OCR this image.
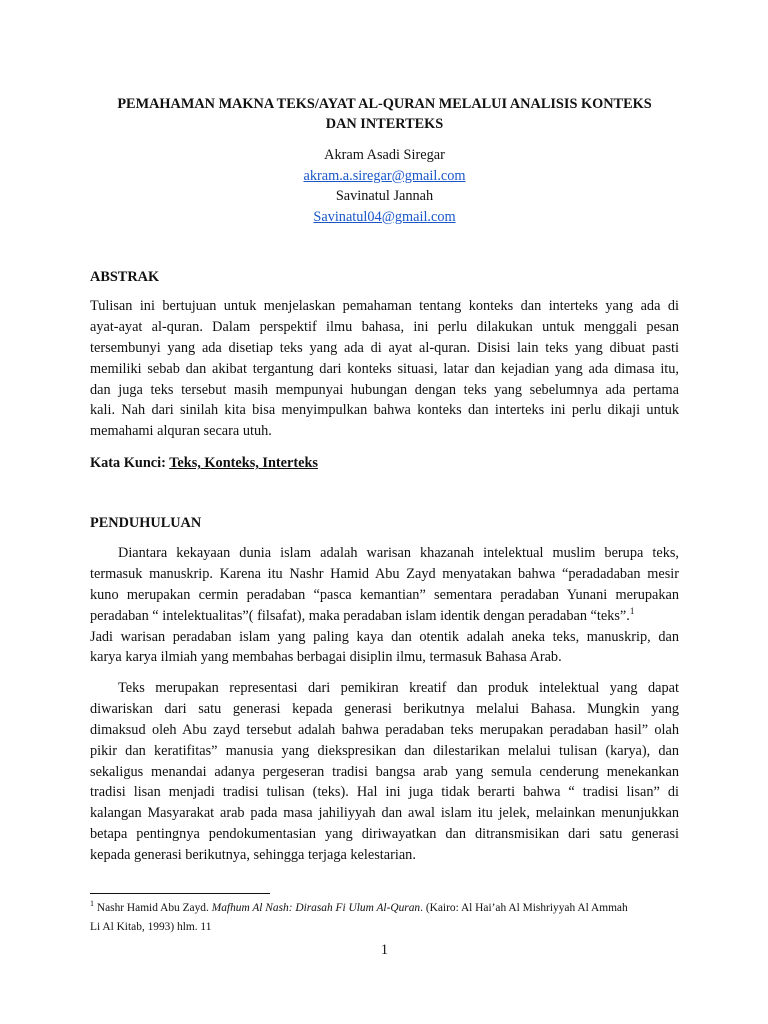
PEMAHAMAN MAKNA TEKS/AYAT AL-QURAN MELALUI ANALISIS KONTEKS
DAN INTERTEKS
Akram Asadi Siregar
akram.a.siregar@gmail.com
Savinatul Jannah
Savinatul04@gmail.com
ABSTRAK
Tulisan ini bertujuan untuk menjelaskan pemahaman tentang konteks dan interteks yang ada di
ayat-ayat al-quran. Dalam perspektif ilmu bahasa, ini perlu dilakukan untuk menggali pesan
tersembunyi yang ada disetiap teks yang ada di ayat al-quran. Disisi lain teks yang dibuat pasti
memiliki sebab dan akibat tergantung dari konteks situasi, latar dan kejadian yang ada dimasa itu,
dan juga teks tersebut masih mempunyai hubungan dengan teks yang sebelumnya ada pertama
kali. Nah dari sinilah kita bisa menyimpulkan bahwa konteks dan interteks ini perlu dikaji untuk
memahami alquran secara utuh.
Kata Kunci: Teks, Konteks, Interteks
PENDUHULUAN
Diantara kekayaan dunia islam adalah warisan khazanah intelektual muslim berupa teks,
termasuk manuskrip. Karena itu Nashr Hamid Abu Zayd menyatakan bahwa “peradadaban mesir
kuno merupakan cermin peradaban “pasca kemantian” sementara peradaban Yunani merupakan
peradaban “ intelektualitas”( filsafat), maka peradaban islam identik dengan peradaban “teks”.$^1$
Jadi warisan peradaban islam yang paling kaya dan otentik adalah aneka teks, manuskrip, dan
karya karya ilmiah yang membahas berbagai disiplin ilmu, termasuk Bahasa Arab.
Teks merupakan representasi dari pemikiran kreatif dan produk intelektual yang dapat
diwariskan dari satu generasi kepada generasi berikutnya melalui Bahasa. Mungkin yang
dimaksud oleh Abu zayd tersebut adalah bahwa peradaban teks merupakan peradaban hasil” olah
pikir dan keratifitas” manusia yang diekspresikan dan dilestarikan melalui tulisan (karya), dan
sekaligus menandai adanya pergeseran tradisi bangsa arab yang semula cenderung menekankan
tradisi lisan menjadi tradisi tulisan (teks). Hal ini juga tidak berarti bahwa “ tradisi lisan” di
kalangan Masyarakat arab pada masa jahiliyyah dan awal islam itu jelek, melainkan menunjukkan
betapa pentingnya pendokumentasian yang diriwayatkan dan ditransmisikan dari satu generasi
kepada generasi berikutnya, sehingga terjaga kelestarian.
$^1$ Nashr Hamid Abu Zayd. Mafhum Al Nash: Dirasah Fi Ulum Al-Quran. (Kairo: Al Hai’ah Al Mishriyyah Al Ammah
Li Al Kitab, 1993) hlm. 11
1
